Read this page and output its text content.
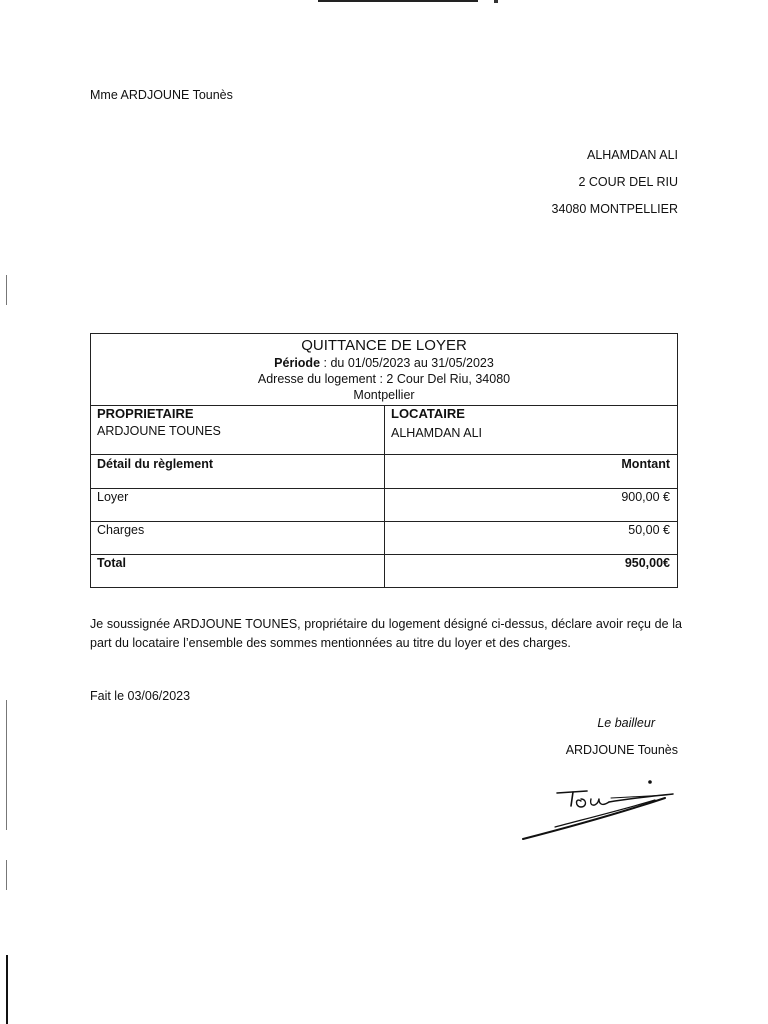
Mme ARDJOUNE Tounès
ALHAMDAN ALI
2 COUR DEL RIU
34080 MONTPELLIER
QUITTANCE DE LOYER
Période : du 01/05/2023 au 31/05/2023
Adresse du logement : 2 Cour Del Riu, 34080
Montpellier
PROPRIETAIRE
ARDJOUNE TOUNES
LOCATAIRE
ALHAMDAN ALI
Détail du règlement	Montant
Loyer	900,00 €
Charges	50,00 €
Total	950,00€
Je soussignée ARDJOUNE TOUNES, propriétaire du logement désigné ci-dessus, déclare avoir reçu de la part du locataire l’ensemble des sommes mentionnées au titre du loyer et des charges.
Fait le 03/06/2023
Le bailleur
ARDJOUNE Tounès
